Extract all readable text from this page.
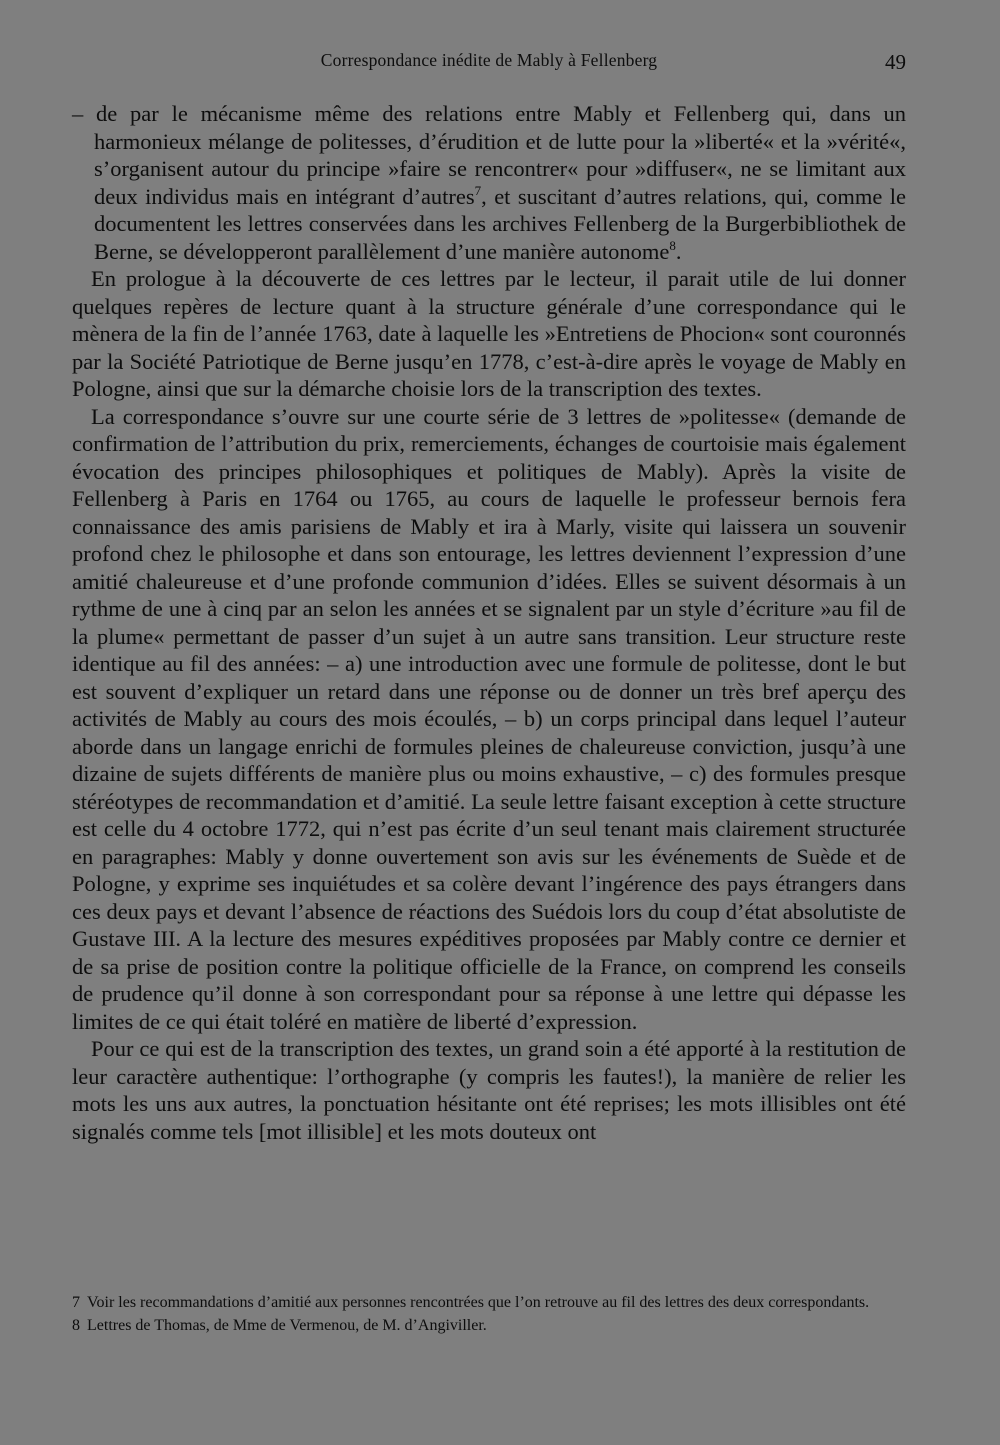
Correspondance inédite de Mably à Fellenberg	49

– de par le mécanisme même des relations entre Mably et Fellenberg qui, dans un harmonieux mélange de politesses, d’érudition et de lutte pour la »liberté« et la »vérité«, s’organisent autour du principe »faire se rencontrer« pour »diffuser«, ne se limitant aux deux individus mais en intégrant d’autres$^7$, et suscitant d’autres relations, qui, comme le documentent les lettres conservées dans les archives Fellenberg de la Burgerbibliothek de Berne, se développeront parallèlement d’une manière autonome$^8$.

En prologue à la découverte de ces lettres par le lecteur, il parait utile de lui donner quelques repères de lecture quant à la structure générale d’une correspondance qui le mènera de la fin de l’année 1763, date à laquelle les »Entretiens de Phocion« sont couronnés par la Société Patriotique de Berne jusqu’en 1778, c’est-à-dire après le voyage de Mably en Pologne, ainsi que sur la démarche choisie lors de la transcription des textes.

La correspondance s’ouvre sur une courte série de 3 lettres de »politesse« (demande de confirmation de l’attribution du prix, remerciements, échanges de courtoisie mais également évocation des principes philosophiques et politiques de Mably). Après la visite de Fellenberg à Paris en 1764 ou 1765, au cours de laquelle le professeur bernois fera connaissance des amis parisiens de Mably et ira à Marly, visite qui laissera un souvenir profond chez le philosophe et dans son entourage, les lettres deviennent l’expression d’une amitié chaleureuse et d’une profonde communion d’idées. Elles se suivent désormais à un rythme de une à cinq par an selon les années et se signalent par un style d’écriture »au fil de la plume« permettant de passer d’un sujet à un autre sans transition. Leur structure reste identique au fil des années: – a) une introduction avec une formule de politesse, dont le but est souvent d’expliquer un retard dans une réponse ou de donner un très bref aperçu des activités de Mably au cours des mois écoulés, – b) un corps principal dans lequel l’auteur aborde dans un langage enrichi de formules pleines de chaleureuse conviction, jusqu’à une dizaine de sujets différents de manière plus ou moins exhaustive, – c) des formules presque stéréotypes de recommandation et d’amitié. La seule lettre faisant exception à cette structure est celle du 4 octobre 1772, qui n’est pas écrite d’un seul tenant mais clairement structurée en paragraphes: Mably y donne ouvertement son avis sur les événements de Suède et de Pologne, y exprime ses inquiétudes et sa colère devant l’ingérence des pays étrangers dans ces deux pays et devant l’absence de réactions des Suédois lors du coup d’état absolutiste de Gustave III. A la lecture des mesures expéditives proposées par Mably contre ce dernier et de sa prise de position contre la politique officielle de la France, on comprend les conseils de prudence qu’il donne à son correspondant pour sa réponse à une lettre qui dépasse les limites de ce qui était toléré en matière de liberté d’expression.

Pour ce qui est de la transcription des textes, un grand soin a été apporté à la restitution de leur caractère authentique: l’orthographe (y compris les fautes!), la manière de relier les mots les uns aux autres, la ponctuation hésitante ont été reprises; les mots illisibles ont été signalés comme tels [mot illisible] et les mots douteux ont

7 Voir les recommandations d’amitié aux personnes rencontrées que l’on retrouve au fil des lettres des deux correspondants.

8 Lettres de Thomas, de Mme de Vermenou, de M. d’Angiviller.
